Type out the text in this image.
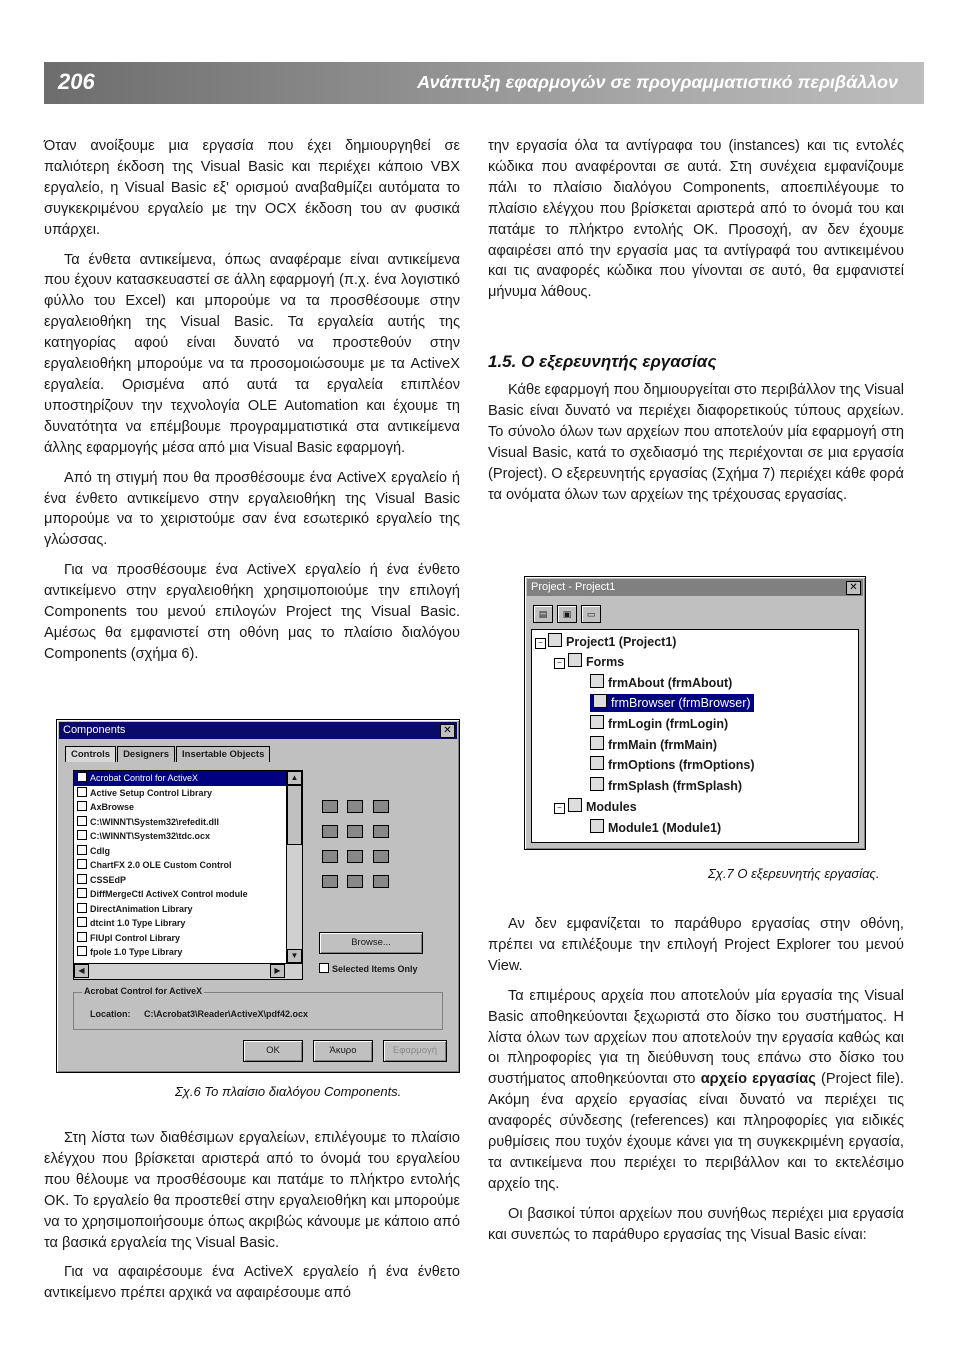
206	Ανάπτυξη εφαρμογών σε προγραμματιστικό περιβάλλον

Όταν ανοίξουμε μια εργασία που έχει δημιουργηθεί σε παλιότερη έκδοση της Visual Basic και περιέχει κάποιο VBX εργαλείο, η Visual Basic εξ' ορισμού αναβαθμίζει αυτόματα το συγκεκριμένου εργαλείο με την OCX έκδοση του αν φυσικά υπάρχει.

Τα ένθετα αντικείμενα, όπως αναφέραμε είναι αντικείμενα που έχουν κατασκευαστεί σε άλλη εφαρμογή (π.χ. ένα λογιστικό φύλλο του Excel) και μπορούμε να τα προσθέσουμε στην εργαλειοθήκη της Visual Basic. Τα εργαλεία αυτής της κατηγορίας αφού είναι δυνατό να προστεθούν στην εργαλειοθήκη μπορούμε να τα προσομοιώσουμε με τα ActiveX εργαλεία. Ορισμένα από αυτά τα εργαλεία επιπλέον υποστηρίζουν την τεχνολογία OLE Automation και έχουμε τη δυνατότητα να επέμβουμε προγραμματιστικά στα αντικείμενα άλλης εφαρμογής μέσα από μια Visual Basic εφαρμογή.

Από τη στιγμή που θα προσθέσουμε ένα ActiveX εργαλείο ή ένα ένθετο αντικείμενο στην εργαλειοθήκη της Visual Basic μπορούμε να το χειριστούμε σαν ένα εσωτερικό εργαλείο της γλώσσας.

Για να προσθέσουμε ένα ActiveX εργαλείο ή ένα ένθετο αντικείμενο στην εργαλειοθήκη χρησιμοποιούμε την επιλογή Components του μενού επιλογών Project της Visual Basic. Αμέσως θα εμφανιστεί στη οθόνη μας το πλαίσιο διαλόγου Components (σχήμα 6).

Components	✕
Controls	Designers	Insertable Objects
Acrobat Control for ActiveX
Active Setup Control Library
AxBrowse
C:\WINNT\System32\refedit.dll
C:\WINNT\System32\tdc.ocx
Cdlg
ChartFX 2.0 OLE Custom Control
CSSEdP
DiffMergeCtl ActiveX Control module
DirectAnimation Library
dtcint 1.0 Type Library
FlUpl Control Library
fpole 1.0 Type Library
▲
▼
◀	▶
Browse...
Selected Items Only
Acrobat Control for ActiveX
Location: C:\Acrobat3\Reader\ActiveX\pdf42.ocx
OK	Άκυρο	Εφαρμογή
Σχ.6 Το πλαίσιο διαλόγου Components.

Στη λίστα των διαθέσιμων εργαλείων, επιλέγουμε το πλαίσιο ελέγχου που βρίσκεται αριστερά από το όνομά του εργαλείου που θέλουμε να προσθέσουμε και πατάμε το πλήκτρο εντολής ΟΚ. Το εργαλείο θα προστεθεί στην εργαλειοθήκη και μπορούμε να το χρησιμοποιήσουμε όπως ακριβώς κάνουμε με κάποιο από τα βασικά εργαλεία της Visual Basic.

Για να αφαιρέσουμε ένα ActiveX εργαλείο ή ένα ένθετο αντικείμενο πρέπει αρχικά να αφαιρέσουμε από

την εργασία όλα τα αντίγραφα του (instances) και τις εντολές κώδικα που αναφέρονται σε αυτά. Στη συνέχεια εμφανίζουμε πάλι το πλαίσιο διαλόγου Components, αποεπιλέγουμε το πλαίσιο ελέγχου που βρίσκεται αριστερά από το όνομά του και πατάμε το πλήκτρο εντολής ΟΚ. Προσοχή, αν δεν έχουμε αφαιρέσει από την εργασία μας τα αντίγραφά του αντικειμένου και τις αναφορές κώδικα που γίνονται σε αυτό, θα εμφανιστεί μήνυμα λάθους.

1.5. Ο εξερευνητής εργασίας

Κάθε εφαρμογή που δημιουργείται στο περιβάλλον της Visual Basic είναι δυνατό να περιέχει διαφορετικούς τύπους αρχείων. Το σύνολο όλων των αρχείων που αποτελούν μία εφαρμογή στη Visual Basic, κατά το σχεδιασμό της περιέχονται σε μια εργασία (Project). Ο εξερευνητής εργασίας (Σχήμα 7) περιέχει κάθε φορά τα ονόματα όλων των αρχείων της τρέχουσας εργασίας.

Project - Project1	✕
▤	▣	▭
−	Project1 (Project1)
−	Forms
frmAbout (frmAbout)
frmBrowser (frmBrowser)
frmLogin (frmLogin)
frmMain (frmMain)
frmOptions (frmOptions)
frmSplash (frmSplash)
−	Modules
Module1 (Module1)
Σχ.7 Ο εξερευνητής εργασίας.

Αν δεν εμφανίζεται το παράθυρο εργασίας στην οθόνη, πρέπει να επιλέξουμε την επιλογή Project Explorer του μενού View.

Τα επιμέρους αρχεία που αποτελούν μία εργασία της Visual Basic αποθηκεύονται ξεχωριστά στο δίσκο του συστήματος. Η λίστα όλων των αρχείων που αποτελούν την εργασία καθώς και οι πληροφορίες για τη διεύθυνση τους επάνω στο δίσκο του συστήματος αποθηκεύονται στο αρχείο εργασίας (Project file). Ακόμη ένα αρχείο εργασίας είναι δυνατό να περιέχει τις αναφορές σύνδεσης (references) και πληροφορίες για ειδικές ρυθμίσεις που τυχόν έχουμε κάνει για τη συγκεκριμένη εργασία, τα αντικείμενα που περιέχει το περιβάλλον και το εκτελέσιμο αρχείο της.

Οι βασικοί τύποι αρχείων που συνήθως περιέχει μια εργασία και συνεπώς το παράθυρο εργασίας της Visual Basic είναι:
